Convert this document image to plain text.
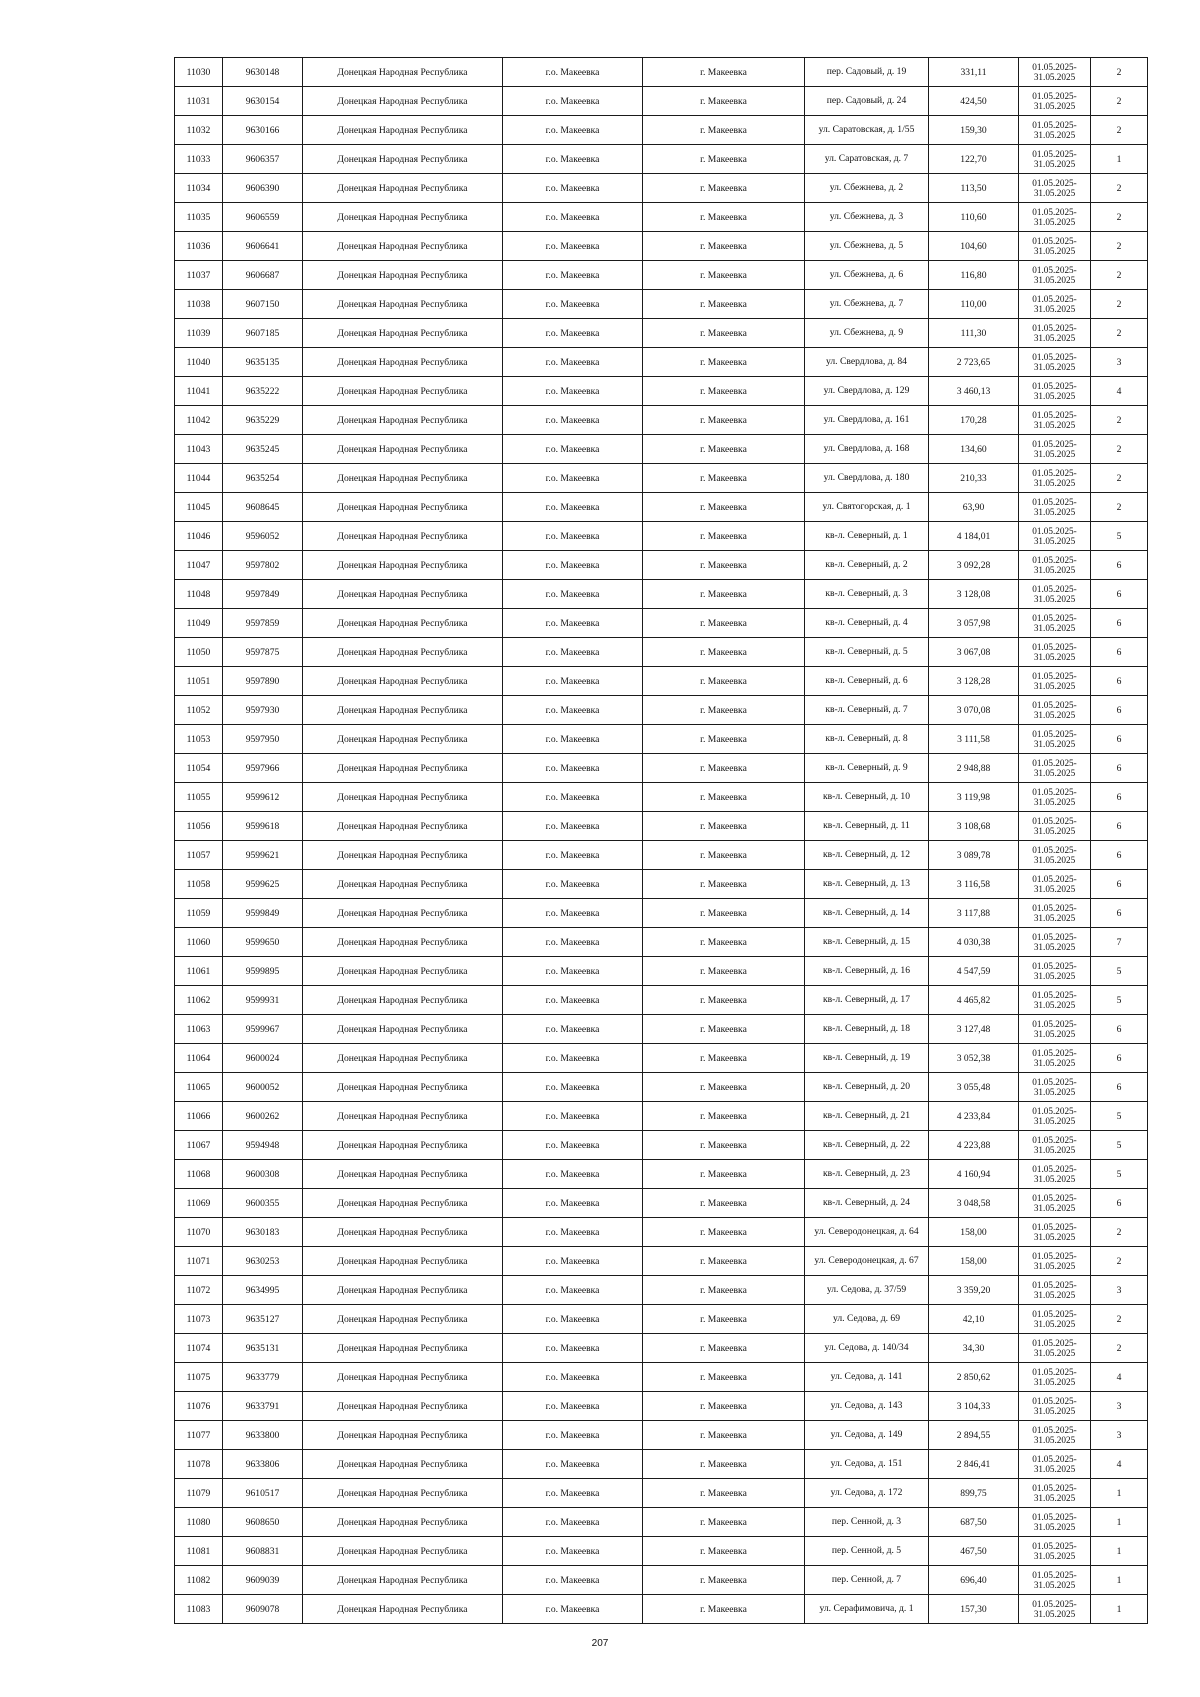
11030	9630148	Донецкая Народная Республика	г.о. Макеевка	г. Макеевка	пер. Садовый, д. 19	331,11	01.05.2025-31.05.2025	2
11031	9630154	Донецкая Народная Республика	г.о. Макеевка	г. Макеевка	пер. Садовый, д. 24	424,50	01.05.2025-31.05.2025	2
11032	9630166	Донецкая Народная Республика	г.о. Макеевка	г. Макеевка	ул. Саратовская, д. 1/55	159,30	01.05.2025-31.05.2025	2
11033	9606357	Донецкая Народная Республика	г.о. Макеевка	г. Макеевка	ул. Саратовская, д. 7	122,70	01.05.2025-31.05.2025	1
11034	9606390	Донецкая Народная Республика	г.о. Макеевка	г. Макеевка	ул. Сбежнева, д. 2	113,50	01.05.2025-31.05.2025	2
11035	9606559	Донецкая Народная Республика	г.о. Макеевка	г. Макеевка	ул. Сбежнева, д. 3	110,60	01.05.2025-31.05.2025	2
11036	9606641	Донецкая Народная Республика	г.о. Макеевка	г. Макеевка	ул. Сбежнева, д. 5	104,60	01.05.2025-31.05.2025	2
11037	9606687	Донецкая Народная Республика	г.о. Макеевка	г. Макеевка	ул. Сбежнева, д. 6	116,80	01.05.2025-31.05.2025	2
11038	9607150	Донецкая Народная Республика	г.о. Макеевка	г. Макеевка	ул. Сбежнева, д. 7	110,00	01.05.2025-31.05.2025	2
11039	9607185	Донецкая Народная Республика	г.о. Макеевка	г. Макеевка	ул. Сбежнева, д. 9	111,30	01.05.2025-31.05.2025	2
11040	9635135	Донецкая Народная Республика	г.о. Макеевка	г. Макеевка	ул. Свердлова, д. 84	2 723,65	01.05.2025-31.05.2025	3
11041	9635222	Донецкая Народная Республика	г.о. Макеевка	г. Макеевка	ул. Свердлова, д. 129	3 460,13	01.05.2025-31.05.2025	4
11042	9635229	Донецкая Народная Республика	г.о. Макеевка	г. Макеевка	ул. Свердлова, д. 161	170,28	01.05.2025-31.05.2025	2
11043	9635245	Донецкая Народная Республика	г.о. Макеевка	г. Макеевка	ул. Свердлова, д. 168	134,60	01.05.2025-31.05.2025	2
11044	9635254	Донецкая Народная Республика	г.о. Макеевка	г. Макеевка	ул. Свердлова, д. 180	210,33	01.05.2025-31.05.2025	2
11045	9608645	Донецкая Народная Республика	г.о. Макеевка	г. Макеевка	ул. Святогорская, д. 1	63,90	01.05.2025-31.05.2025	2
11046	9596052	Донецкая Народная Республика	г.о. Макеевка	г. Макеевка	кв-л. Северный, д. 1	4 184,01	01.05.2025-31.05.2025	5
11047	9597802	Донецкая Народная Республика	г.о. Макеевка	г. Макеевка	кв-л. Северный, д. 2	3 092,28	01.05.2025-31.05.2025	6
11048	9597849	Донецкая Народная Республика	г.о. Макеевка	г. Макеевка	кв-л. Северный, д. 3	3 128,08	01.05.2025-31.05.2025	6
11049	9597859	Донецкая Народная Республика	г.о. Макеевка	г. Макеевка	кв-л. Северный, д. 4	3 057,98	01.05.2025-31.05.2025	6
11050	9597875	Донецкая Народная Республика	г.о. Макеевка	г. Макеевка	кв-л. Северный, д. 5	3 067,08	01.05.2025-31.05.2025	6
11051	9597890	Донецкая Народная Республика	г.о. Макеевка	г. Макеевка	кв-л. Северный, д. 6	3 128,28	01.05.2025-31.05.2025	6
11052	9597930	Донецкая Народная Республика	г.о. Макеевка	г. Макеевка	кв-л. Северный, д. 7	3 070,08	01.05.2025-31.05.2025	6
11053	9597950	Донецкая Народная Республика	г.о. Макеевка	г. Макеевка	кв-л. Северный, д. 8	3 111,58	01.05.2025-31.05.2025	6
11054	9597966	Донецкая Народная Республика	г.о. Макеевка	г. Макеевка	кв-л. Северный, д. 9	2 948,88	01.05.2025-31.05.2025	6
11055	9599612	Донецкая Народная Республика	г.о. Макеевка	г. Макеевка	кв-л. Северный, д. 10	3 119,98	01.05.2025-31.05.2025	6
11056	9599618	Донецкая Народная Республика	г.о. Макеевка	г. Макеевка	кв-л. Северный, д. 11	3 108,68	01.05.2025-31.05.2025	6
11057	9599621	Донецкая Народная Республика	г.о. Макеевка	г. Макеевка	кв-л. Северный, д. 12	3 089,78	01.05.2025-31.05.2025	6
11058	9599625	Донецкая Народная Республика	г.о. Макеевка	г. Макеевка	кв-л. Северный, д. 13	3 116,58	01.05.2025-31.05.2025	6
11059	9599849	Донецкая Народная Республика	г.о. Макеевка	г. Макеевка	кв-л. Северный, д. 14	3 117,88	01.05.2025-31.05.2025	6
11060	9599650	Донецкая Народная Республика	г.о. Макеевка	г. Макеевка	кв-л. Северный, д. 15	4 030,38	01.05.2025-31.05.2025	7
11061	9599895	Донецкая Народная Республика	г.о. Макеевка	г. Макеевка	кв-л. Северный, д. 16	4 547,59	01.05.2025-31.05.2025	5
11062	9599931	Донецкая Народная Республика	г.о. Макеевка	г. Макеевка	кв-л. Северный, д. 17	4 465,82	01.05.2025-31.05.2025	5
11063	9599967	Донецкая Народная Республика	г.о. Макеевка	г. Макеевка	кв-л. Северный, д. 18	3 127,48	01.05.2025-31.05.2025	6
11064	9600024	Донецкая Народная Республика	г.о. Макеевка	г. Макеевка	кв-л. Северный, д. 19	3 052,38	01.05.2025-31.05.2025	6
11065	9600052	Донецкая Народная Республика	г.о. Макеевка	г. Макеевка	кв-л. Северный, д. 20	3 055,48	01.05.2025-31.05.2025	6
11066	9600262	Донецкая Народная Республика	г.о. Макеевка	г. Макеевка	кв-л. Северный, д. 21	4 233,84	01.05.2025-31.05.2025	5
11067	9594948	Донецкая Народная Республика	г.о. Макеевка	г. Макеевка	кв-л. Северный, д. 22	4 223,88	01.05.2025-31.05.2025	5
11068	9600308	Донецкая Народная Республика	г.о. Макеевка	г. Макеевка	кв-л. Северный, д. 23	4 160,94	01.05.2025-31.05.2025	5
11069	9600355	Донецкая Народная Республика	г.о. Макеевка	г. Макеевка	кв-л. Северный, д. 24	3 048,58	01.05.2025-31.05.2025	6
11070	9630183	Донецкая Народная Республика	г.о. Макеевка	г. Макеевка	ул. Северодонецкая, д. 64	158,00	01.05.2025-31.05.2025	2
11071	9630253	Донецкая Народная Республика	г.о. Макеевка	г. Макеевка	ул. Северодонецкая, д. 67	158,00	01.05.2025-31.05.2025	2
11072	9634995	Донецкая Народная Республика	г.о. Макеевка	г. Макеевка	ул. Седова, д. 37/59	3 359,20	01.05.2025-31.05.2025	3
11073	9635127	Донецкая Народная Республика	г.о. Макеевка	г. Макеевка	ул. Седова, д. 69	42,10	01.05.2025-31.05.2025	2
11074	9635131	Донецкая Народная Республика	г.о. Макеевка	г. Макеевка	ул. Седова, д. 140/34	34,30	01.05.2025-31.05.2025	2
11075	9633779	Донецкая Народная Республика	г.о. Макеевка	г. Макеевка	ул. Седова, д. 141	2 850,62	01.05.2025-31.05.2025	4
11076	9633791	Донецкая Народная Республика	г.о. Макеевка	г. Макеевка	ул. Седова, д. 143	3 104,33	01.05.2025-31.05.2025	3
11077	9633800	Донецкая Народная Республика	г.о. Макеевка	г. Макеевка	ул. Седова, д. 149	2 894,55	01.05.2025-31.05.2025	3
11078	9633806	Донецкая Народная Республика	г.о. Макеевка	г. Макеевка	ул. Седова, д. 151	2 846,41	01.05.2025-31.05.2025	4
11079	9610517	Донецкая Народная Республика	г.о. Макеевка	г. Макеевка	ул. Седова, д. 172	899,75	01.05.2025-31.05.2025	1
11080	9608650	Донецкая Народная Республика	г.о. Макеевка	г. Макеевка	пер. Сенной, д. 3	687,50	01.05.2025-31.05.2025	1
11081	9608831	Донецкая Народная Республика	г.о. Макеевка	г. Макеевка	пер. Сенной, д. 5	467,50	01.05.2025-31.05.2025	1
11082	9609039	Донецкая Народная Республика	г.о. Макеевка	г. Макеевка	пер. Сенной, д. 7	696,40	01.05.2025-31.05.2025	1
11083	9609078	Донецкая Народная Республика	г.о. Макеевка	г. Макеевка	ул. Серафимовича, д. 1	157,30	01.05.2025-31.05.2025	1
207
